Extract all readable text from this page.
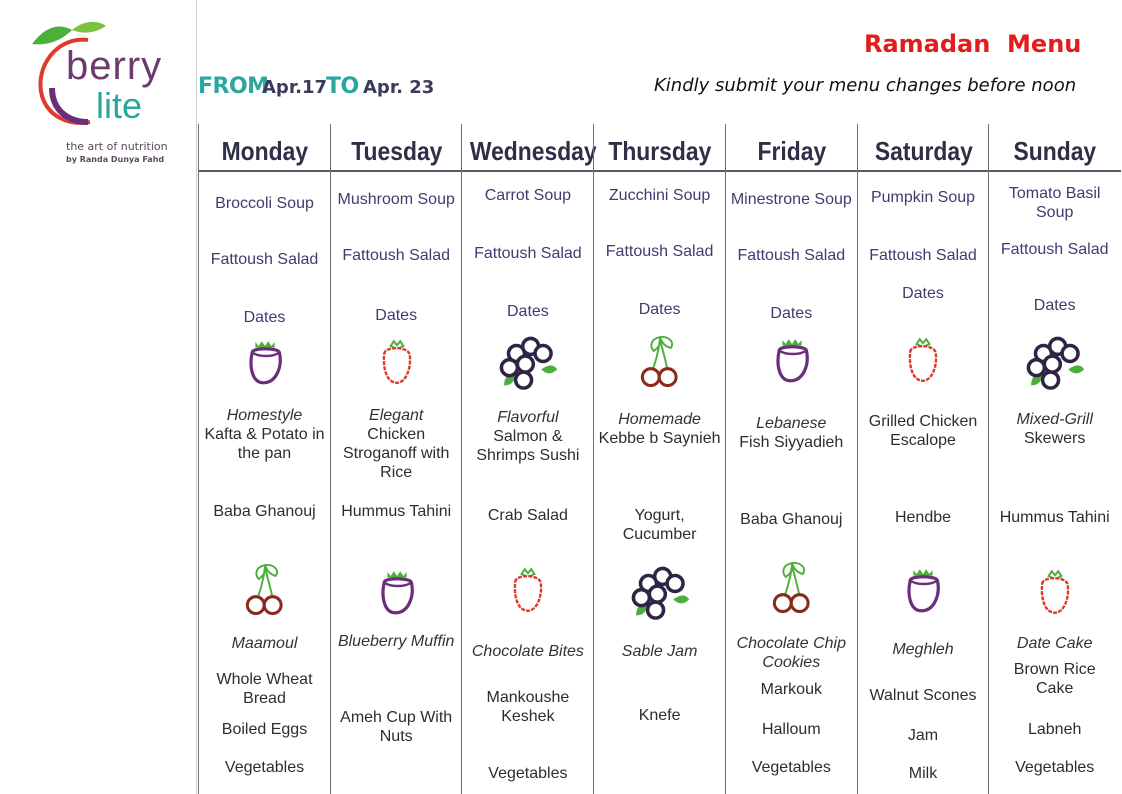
berry
lite
the art of nutrition
by Randa Dunya Fahd
Ramadan  Menu
FROM
Apr.17
TO Apr. 23	Kindly submit your menu changes before noon
Monday
Broccoli Soup
Fattoush Salad
Dates
Homestyle
Kafta & Potato in the pan
Baba Ghanouj
Maamoul
Whole Wheat Bread
Boiled Eggs
Vegetables
Tuesday
Mushroom Soup
Fattoush Salad
Dates
Elegant
Chicken Stroganoff with Rice
Hummus Tahini
Blueberry Muffin
Ameh Cup With Nuts
Wednesday
Carrot Soup
Fattoush Salad
Dates
Flavorful
Salmon & Shrimps Sushi
Crab Salad
Chocolate Bites
Mankoushe Keshek
Vegetables
Thursday
Zucchini Soup
Fattoush Salad
Dates
Homemade
Kebbe b Saynieh
Yogurt, Cucumber
Sable Jam
Knefe
Friday
Minestrone Soup
Fattoush Salad
Dates
Lebanese
Fish Siyyadieh
Baba Ghanouj
Chocolate Chip Cookies
Markouk
Halloum
Vegetables
Saturday
Pumpkin Soup
Fattoush Salad
Dates
Grilled Chicken Escalope
Hendbe
Meghleh
Walnut Scones
Jam
Milk
Sunday
Tomato Basil Soup
Fattoush Salad
Dates
Mixed-Grill
Skewers
Hummus Tahini
Date Cake
Brown Rice Cake
Labneh
Vegetables
